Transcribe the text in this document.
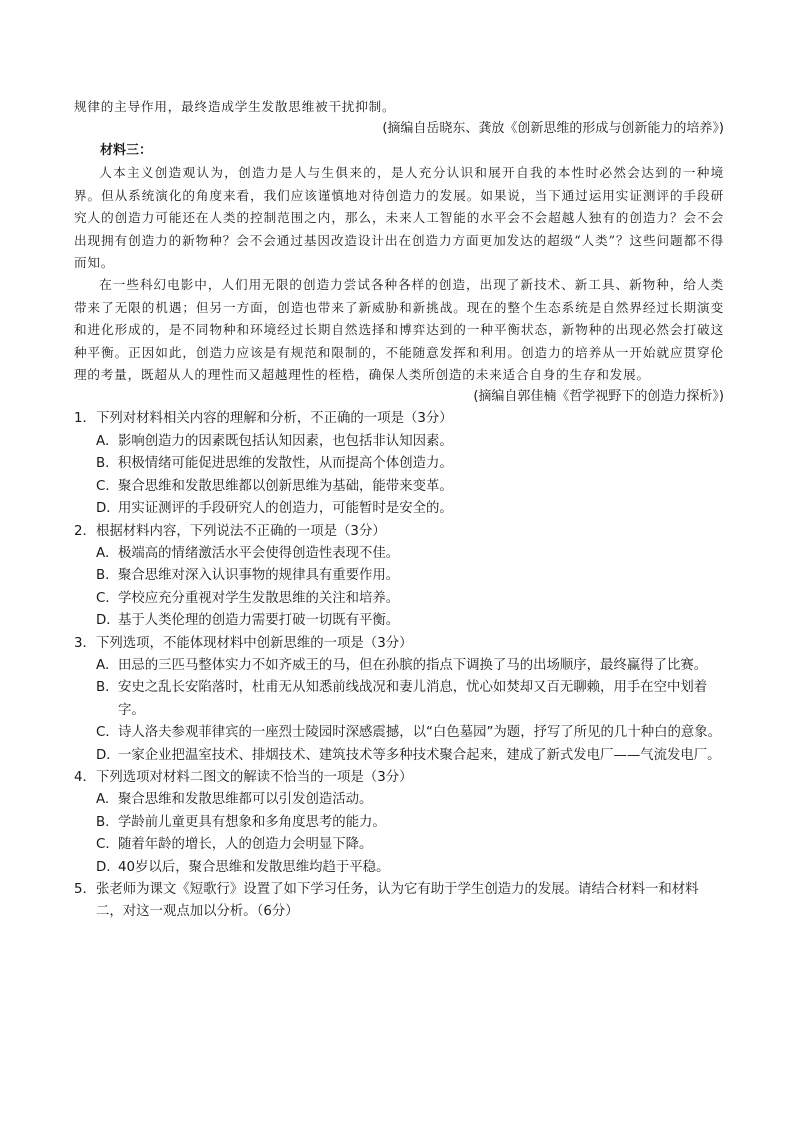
规律的主导作用，最终造成学生发散思维被干扰抑制。

(摘编自岳晓东、龚放《创新思维的形成与创新能力的培养》)

材料三：

人本主义创造观认为，创造力是人与生俱来的，是人充分认识和展开自我的本性时必然会达到的一种境界。但从系统演化的角度来看，我们应该谨慎地对待创造力的发展。如果说，当下通过运用实证测评的手段研究人的创造力可能还在人类的控制范围之内，那么，未来人工智能的水平会不会超越人独有的创造力？会不会出现拥有创造力的新物种？会不会通过基因改造设计出在创造力方面更加发达的超级“人类”？这些问题都不得而知。

在一些科幻电影中，人们用无限的创造力尝试各种各样的创造，出现了新技术、新工具、新物种，给人类带来了无限的机遇；但另一方面，创造也带来了新威胁和新挑战。现在的整个生态系统是自然界经过长期演变和进化形成的，是不同物种和环境经过长期自然选择和博弈达到的一种平衡状态，新物种的出现必然会打破这种平衡。正因如此，创造力应该是有规范和限制的，不能随意发挥和利用。创造力的培养从一开始就应贯穿伦理的考量，既超从人的理性而又超越理性的桎梏，确保人类所创造的未来适合自身的生存和发展。

(摘编自郭佳楠《哲学视野下的创造力探析》)

1． 下列对材料相关内容的理解和分析，不正确的一项是（3分）
A．影响创造力的因素既包括认知因素，也包括非认知因素。
B．积极情绪可能促进思维的发散性，从而提高个体创造力。
C．聚合思维和发散思维都以创新思维为基础，能带来变革。
D．用实证测评的手段研究人的创造力，可能暂时是安全的。
2． 根据材料内容，下列说法不正确的一项是（3分）
A．极端高的情绪激活水平会使得创造性表现不佳。
B．聚合思维对深入认识事物的规律具有重要作用。
C．学校应充分重视对学生发散思维的关注和培养。
D．基于人类伦理的创造力需要打破一切既有平衡。
3． 下列选项，不能体现材料中创新思维的一项是（3分）
A．田忌的三匹马整体实力不如齐威王的马，但在孙膑的指点下调换了马的出场顺序，最终赢得了比赛。
B．安史之乱长安陷落时，杜甫无从知悉前线战况和妻儿消息，忧心如焚却又百无聊赖，用手在空中划着字。
C．诗人洛夫参观菲律宾的一座烈士陵园时深感震撼，以“白色墓园”为题，抒写了所见的几十种白的意象。
D．一家企业把温室技术、排烟技术、建筑技术等多种技术聚合起来，建成了新式发电厂——气流发电厂。
4． 下列选项对材料二图文的解读不恰当的一项是（3分）
A. 聚合思维和发散思维都可以引发创造活动。
B. 学龄前儿童更具有想象和多角度思考的能力。
C. 随着年龄的增长，人的创造力会明显下降。
D. 40岁以后，聚合思维和发散思维均趋于平稳。
5． 张老师为课文《短歌行》设置了如下学习任务，认为它有助于学生创造力的发展。请结合材料一和材料二，对这一观点加以分析。（6分）
